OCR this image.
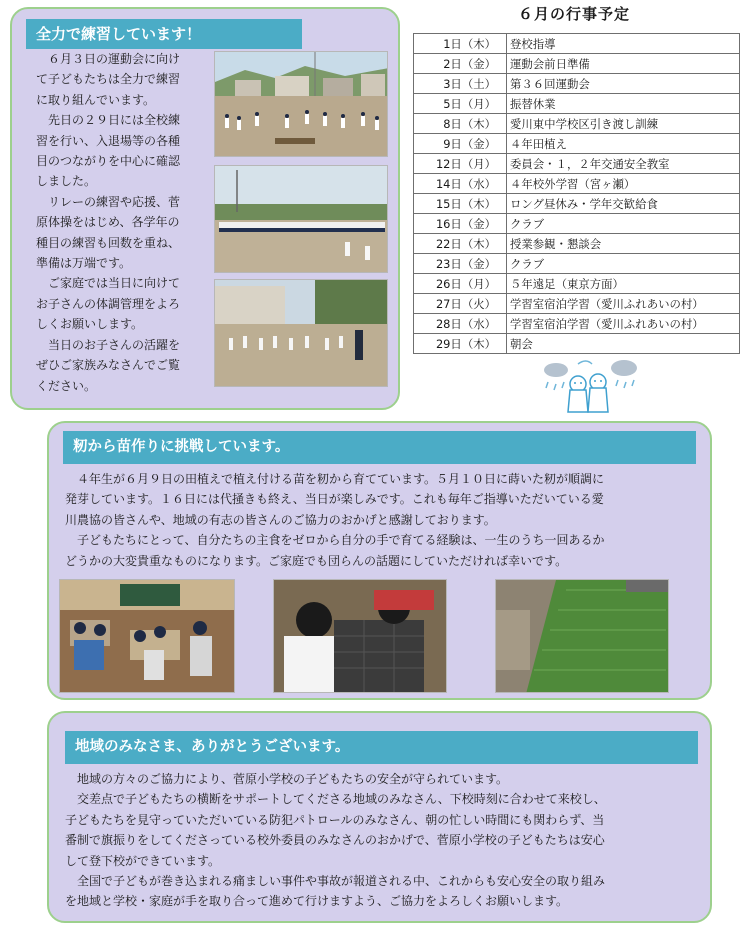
全力で練習しています！
　６月３日の運動会に向け
て子どもたちは全力で練習
に取り組んでいます。
　先日の２９日には全校練
習を行い、入退場等の各種
目のつながりを中心に確認
しました。
　リレーの練習や応援、菅
原体操をはじめ、各学年の
種目の練習も回数を重ね、
準備は万端です。
　ご家庭では当日に向けて
お子さんの体調管理をよろ
しくお願いします。
　当日のお子さんの活躍を
ぜひご家族みなさんでご覧
ください。
６月の行事予定
1日（木）	登校指導
2日（金）	運動会前日準備
3日（土）	第３６回運動会
5日（月）	振替休業
8日（木）	愛川東中学校区引き渡し訓練
9日（金）	４年田植え
12日（月）	委員会・１，２年交通安全教室
14日（水）	４年校外学習（宮ヶ瀬）
15日（木）	ロング昼休み・学年交歓給食
16日（金）	クラブ
22日（木）	授業参観・懇談会
23日（金）	クラブ
26日（月）	５年遠足（東京方面）
27日（火）	学習室宿泊学習（愛川ふれあいの村）
28日（水）	学習室宿泊学習（愛川ふれあいの村）
29日（木）	朝会
籾から苗作りに挑戦しています。
　４年生が６月９日の田植えで植え付ける苗を籾から育てています。５月１０日に蒔いた籾が順調に
発芽しています。１６日には代掻きも終え、当日が楽しみです。これも毎年ご指導いただいている愛
川農協の皆さんや、地域の有志の皆さんのご協力のおかげと感謝しております。
　子どもたちにとって、自分たちの主食をゼロから自分の手で育てる経験は、一生のうち一回あるか
どうかの大変貴重なものになります。ご家庭でも団らんの話題にしていただければ幸いです。
地域のみなさま、ありがとうございます。
　地域の方々のご協力により、菅原小学校の子どもたちの安全が守られています。
　交差点で子どもたちの横断をサポートしてくださる地域のみなさん、下校時刻に合わせて来校し、
子どもたちを見守っていただいている防犯パトロールのみなさん、朝の忙しい時間にも関わらず、当
番制で旗振りをしてくださっている校外委員のみなさんのおかげで、菅原小学校の子どもたちは安心
して登下校ができています。
　全国で子どもが巻き込まれる痛ましい事件や事故が報道される中、これからも安心安全の取り組み
を地域と学校・家庭が手を取り合って進めて行けますよう、ご協力をよろしくお願いします。
